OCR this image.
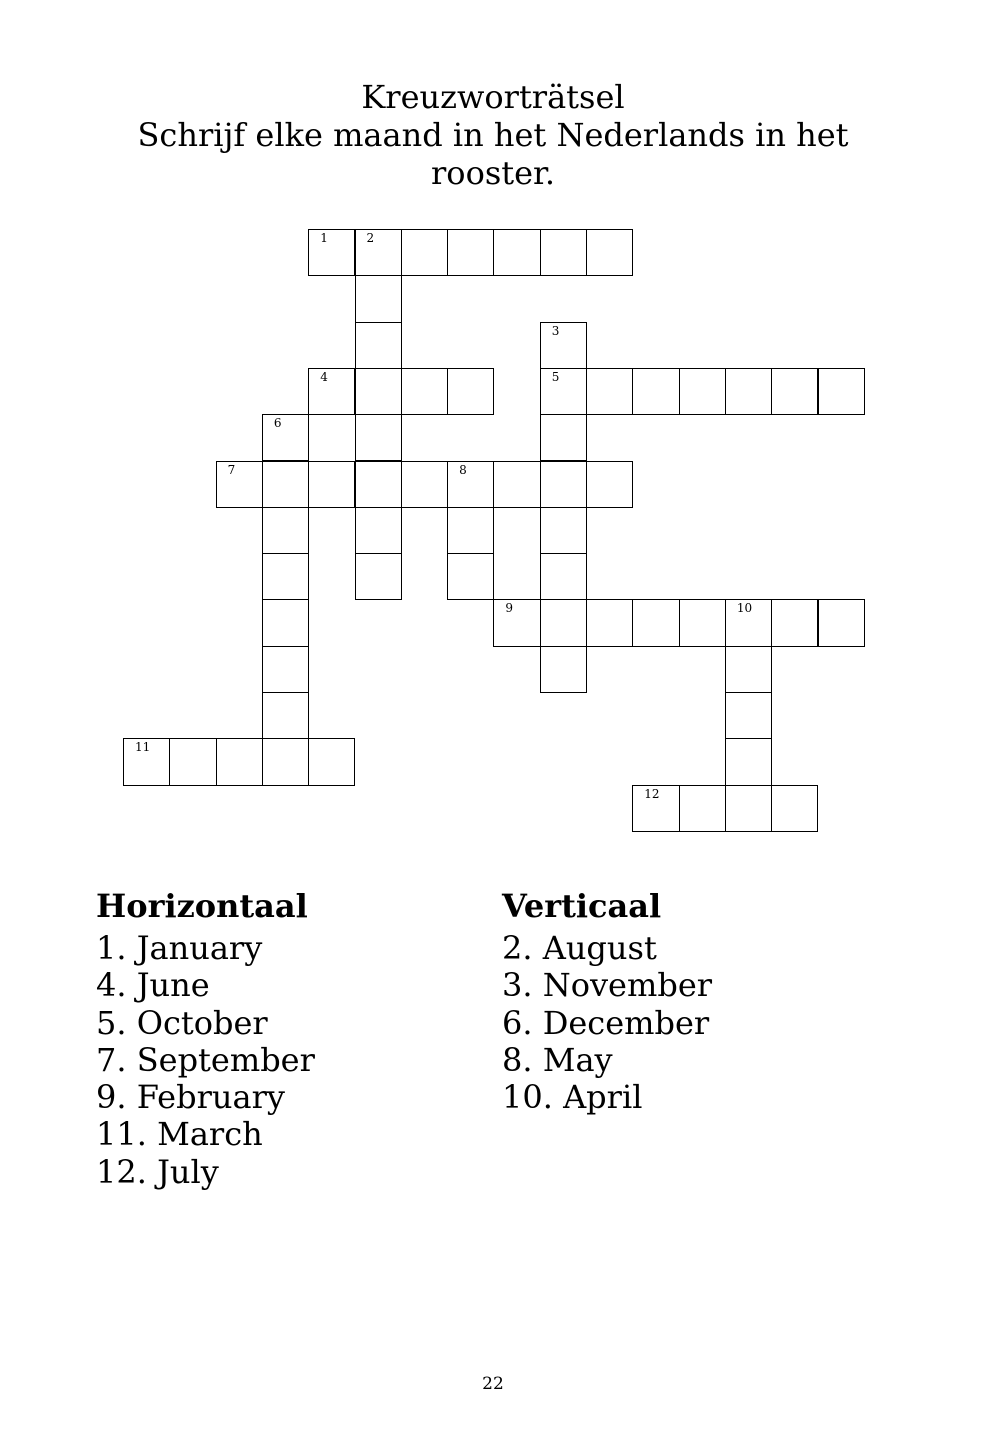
Kreuzworträtsel
Schrijf elke maand in het Nederlands in het
rooster.
1	2
3
5
4
6
7	8
9	10
11
12
Horizontaal
1. January
4. June
5. October
7. September
9. February
11. March
12. July
Verticaal
2. August
3. November
6. December
8. May
10. April
22
